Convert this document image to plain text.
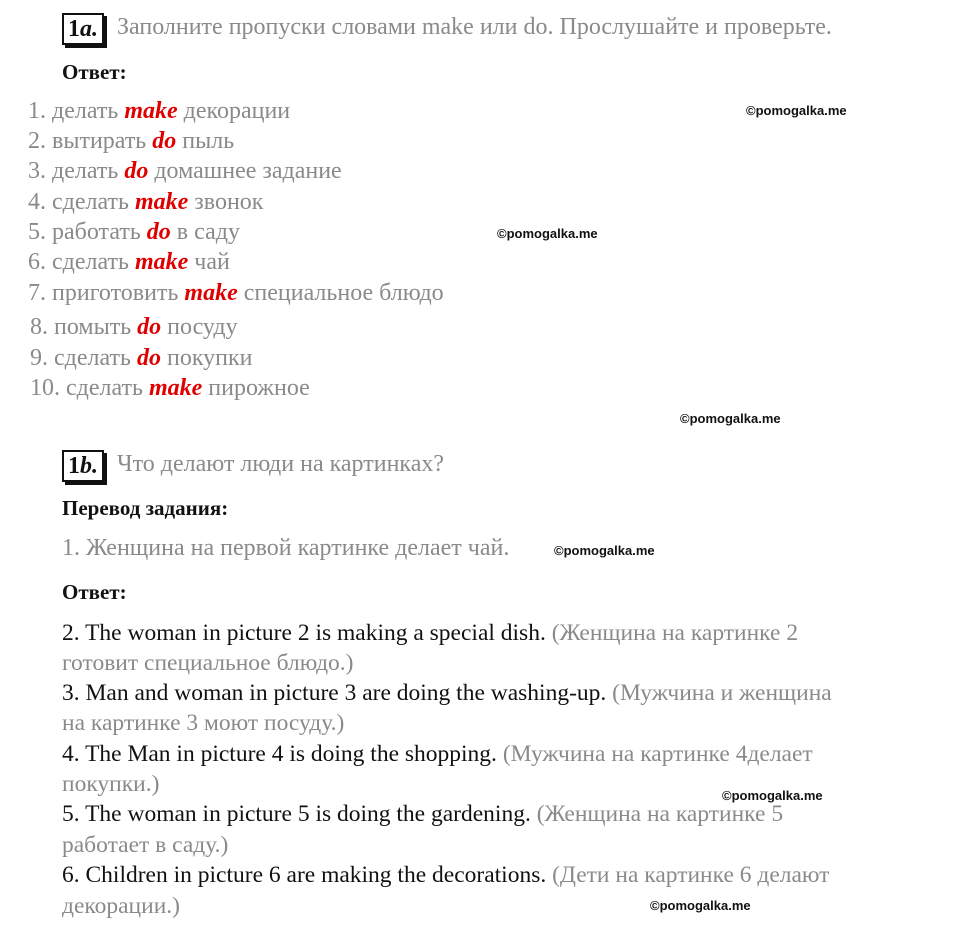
1a. Заполните пропуски словами make или do. Прослушайте и проверьте.
Ответ:
1. делать make декорации
2. вытирать do пыль
3. делать do домашнее задание
4. сделать make звонок
5. работать do в саду
6. сделать make чай
7. приготовить make специальное блюдо
8. помыть do посуду
9. сделать do покупки
10. сделать make пирожное
©pomogalka.me
©pomogalka.me
©pomogalka.me
©pomogalka.me
©pomogalka.me
©pomogalka.me
1b. Что делают люди на картинках?
Перевод задания:
1. Женщина на первой картинке делает чай.
Ответ:
2. The woman in picture 2 is making a special dish. (Женщина на картинке 2
готовит специальное блюдо.)
3. Man and woman in picture 3 are doing the washing-up. (Мужчина и женщина
на картинке 3 моют посуду.)
4. The Man in picture 4 is doing the shopping. (Мужчина на картинке 4делает
покупки.)
5. The woman in picture 5 is doing the gardening. (Женщина на картинке 5
работает в саду.)
6. Children in picture 6 are making the decorations. (Дети на картинке 6 делают
декорации.)
